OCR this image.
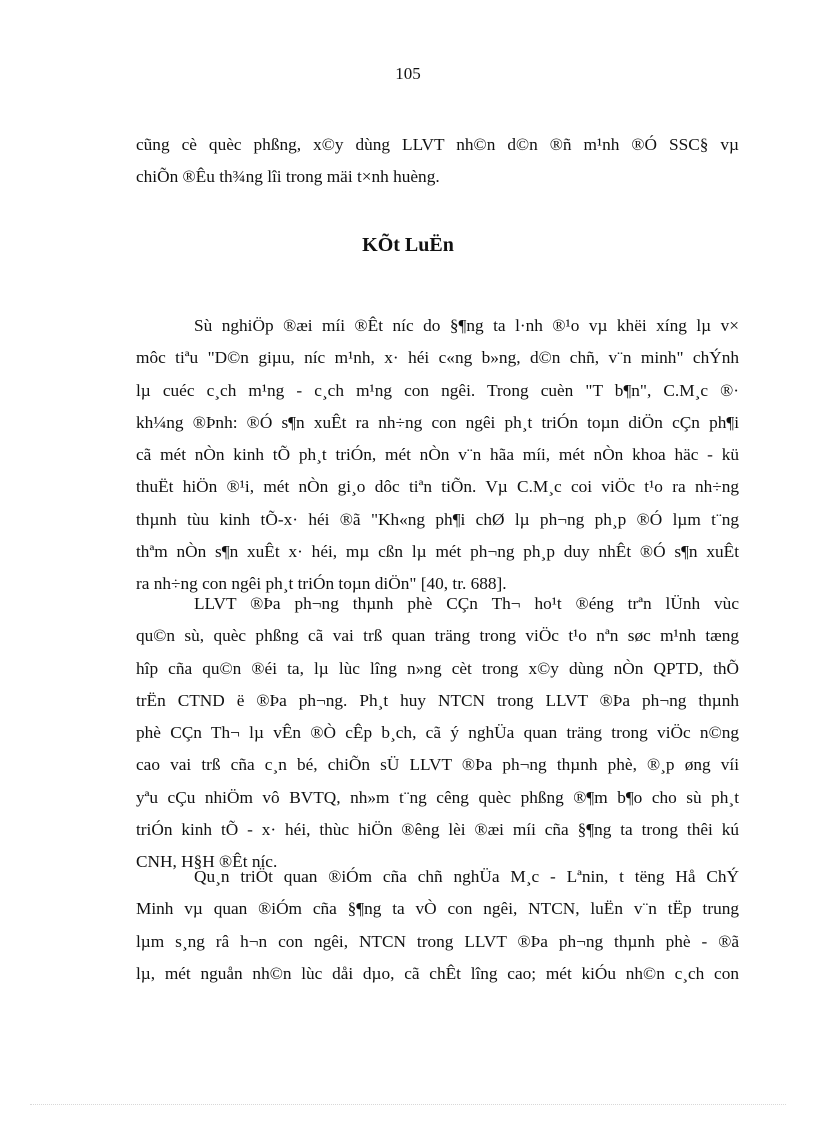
105
cũng cè quèc phßng, x©y dùng LLVT nh©n d©n ®ñ m¹nh ®Ó SSC§ vµ
chiÕn ®Êu th¾ng lîi trong mäi t×nh huèng.
KÕt LuËn
Sù nghiÖp ®æi míi ®Êt níc do §¶ng ta l·nh ®¹o vµ khëi xíng lµ v×
môc tiªu "D©n giµu, níc m¹nh, x· héi c«ng b»ng, d©n chñ, v¨n minh" chÝnh
lµ cuéc c¸ch m¹ng - c¸ch m¹ng con ngêi. Trong cuèn "T b¶n", C.M¸c ®·
kh¼ng ®Þnh: ®Ó s¶n xuÊt ra nh÷ng con ngêi ph¸t triÓn toµn diÖn cÇn ph¶i
cã mét nÒn kinh tÕ ph¸t triÓn, mét nÒn v¨n hãa míi, mét nÒn khoa häc - kü
thuËt hiÖn ®¹i, mét nÒn gi¸o dôc tiªn tiÕn. Vµ C.M¸c coi viÖc t¹o ra nh÷ng
thµnh tùu kinh tÕ-x· héi ®ã "Kh«ng ph¶i chØ lµ ph¬ng ph¸p ®Ó lµm t¨ng
thªm nÒn s¶n xuÊt x· héi, mµ cßn lµ mét ph¬ng ph¸p duy nhÊt ®Ó s¶n xuÊt
ra nh÷ng con ngêi ph¸t triÓn toµn diÖn" [40, tr. 688].
LLVT ®Þa ph¬ng thµnh phè CÇn Th¬ ho¹t ®éng trªn lÜnh vùc
qu©n sù, quèc phßng cã vai trß quan träng trong viÖc t¹o nªn søc m¹nh tæng
hîp cña qu©n ®éi ta, lµ lùc lîng n»ng cèt trong x©y dùng nÒn QPTD, thÕ
trËn CTND ë ®Þa ph¬ng. Ph¸t huy NTCN trong LLVT ®Þa ph¬ng thµnh
phè CÇn Th¬ lµ vÊn ®Ò cÊp b¸ch, cã ý nghÜa quan träng trong viÖc n©ng
cao vai trß cña c¸n bé, chiÕn sÜ LLVT ®Þa ph¬ng thµnh phè, ®¸p øng víi
yªu cÇu nhiÖm vô BVTQ, nh»m t¨ng cêng quèc phßng ®¶m b¶o cho sù ph¸t
triÓn kinh tÕ - x· héi, thùc hiÖn ®êng lèi ®æi míi cña §¶ng ta trong thêi kú
CNH, H§H ®Êt níc.
Qu¸n triÖt quan ®iÓm cña chñ nghÜa M¸c - Lªnin, t tëng Hå ChÝ
Minh vµ quan ®iÓm cña §¶ng ta vÒ con ngêi, NTCN, luËn v¨n tËp trung
lµm s¸ng râ h¬n con ngêi, NTCN trong LLVT ®Þa ph¬ng thµnh phè - ®ã
lµ, mét nguån nh©n lùc dåi dµo, cã chÊt lîng cao; mét kiÓu nh©n c¸ch con
